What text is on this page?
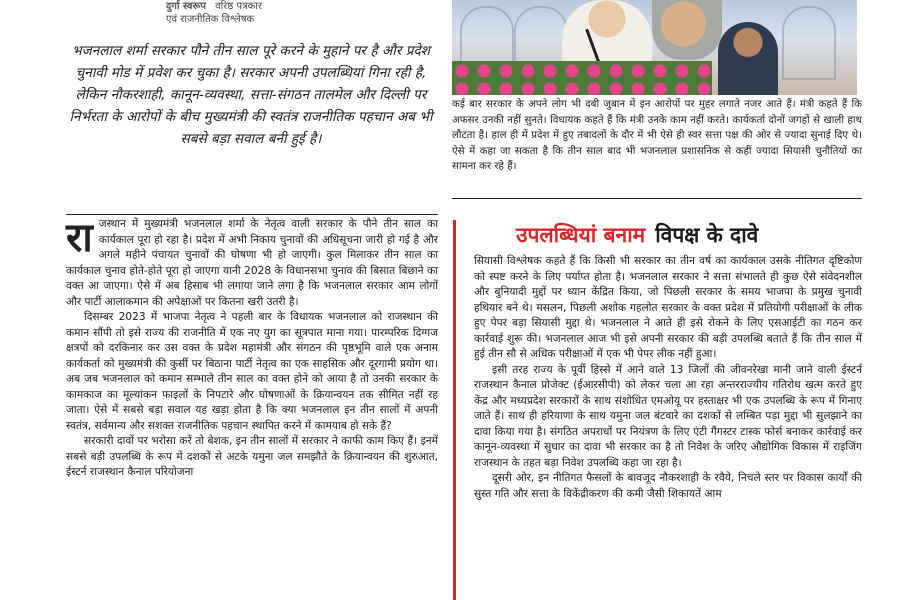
दुर्गा स्वरूप वरिष्ठ पत्रकार
एवं राजनीतिक विश्लेषक

भजनलाल शर्मा सरकार पौने तीन साल पूरे करने के मुहाने पर है और प्रदेश चुनावी मोड में प्रवेश कर चुका है। सरकार अपनी उपलब्धियां गिना रही है, लेकिन नौकरशाही, कानून-व्यवस्था, सत्ता-संगठन तालमेल और दिल्ली पर निर्भरता के आरोपों के बीच मुख्यमंत्री की स्वतंत्र राजनीतिक पहचान अब भी सबसे बड़ा सवाल बनी हुई है।

राजस्थान में मुख्यमंत्री भजनलाल शर्मा के नेतृत्व वाली सरकार के पौने तीन साल का कार्यकाल पूरा हो रहा है। प्रदेश में अभी निकाय चुनावों की अधिसूचना जारी हो गई है और अगले महीने पंचायत चुनावों की घोषणा भी हो जाएगी। कुल मिलाकर तीन साल का कार्यकाल चुनाव होते-होते पूरा हो जाएगा यानी 2028 के विधानसभा चुनाव की बिसात बिछाने का वक्त आ जाएगा। ऐसे में अब हिसाब भी लगाया जाने लगा है कि भजनलाल सरकार आम लोगों और पार्टी आलाकमान की अपेक्षाओं पर कितना खरी उतरी है।

दिसम्बर 2023 में भाजपा नेतृत्व ने पहली बार के विधायक भजनलाल को राजस्थान की कमान सौंपी तो इसे राज्य की राजनीति में एक नए युग का सूत्रपात माना गया। पारम्परिक दिग्गज क्षत्रपों को दरकिनार कर उस वक्त के प्रदेश महामंत्री और संगठन की पृष्ठभूमि वाले एक अनाम कार्यकर्ता को मुख्यमंत्री की कुर्सी पर बिठाना पार्टी नेतृत्व का एक साहसिक और दूरगामी प्रयोग था। अब जब भजनलाल को कमान सम्भाले तीन साल का वक्त होने को आया है तो उनकी सरकार के कामकाज का मूल्यांकन फाइलों के निपटारे और घोषणाओं के क्रियान्वयन तक सीमित नहीं रह जाता। ऐसे में सबसे बड़ा सवाल यह खड़ा होता है कि क्या भजनलाल इन तीन सालों में अपनी स्वतंत्र, सर्वमान्य और सशक्त राजनीतिक पहचान स्थापित करने में कामयाब हो सके हैं?

सरकारी दावों पर भरोसा करें तो बेशक, इन तीन सालों में सरकार ने काफी काम किए हैं। इनमें सबसे बड़ी उपलब्धि के रूप में दशकों से अटके यमुना जल समझौते के क्रियान्वयन की शुरुआत, ईस्टर्न राजस्थान कैनाल परियोजना

कई बार सरकार के अपने लोग भी दबी जुबान में इन आरोपों पर मुहर लगाते नजर आते हैं। मंत्री कहते हैं कि अफसर उनकी नहीं सुनते। विधायक कहते हैं कि मंत्री उनके काम नहीं करते। कार्यकर्ता दोनों जगहों से खाली हाथ लौटता है। हाल ही में प्रदेश में हुए तबादलों के दौर में भी ऐसे ही स्वर सत्ता पक्ष की ओर से ज्यादा सुनाई दिए थे। ऐसे में कहा जा सकता है कि तीन साल बाद भी भजनलाल प्रशासनिक से कहीं ज्यादा सियासी चुनौतियों का सामना कर रहे हैं।

उपलब्धियां बनाम विपक्ष के दावे

सियासी विश्लेषक कहते हैं कि किसी भी सरकार का तीन वर्ष का कार्यकाल उसके नीतिगत दृष्टिकोण को स्पष्ट करने के लिए पर्याप्त होता है। भजनलाल सरकार ने सत्ता संभालते ही कुछ ऐसे संवेदनशील और बुनियादी मुद्दों पर ध्यान केंद्रित किया, जो पिछली सरकार के समय भाजपा के प्रमुख चुनावी हथियार बने थे। मसलन, पिछली अशोक गहलोत सरकार के वक्त प्रदेश में प्रतियोगी परीक्षाओं के लीक हुए पेपर बड़ा सियासी मुद्दा थे। भजनलाल ने आते ही इसे रोकने के लिए एसआईटी का गठन कर कार्रवाई शुरू की। भजनलाल आज भी इसे अपनी सरकार की बड़ी उपलब्धि बताते हैं कि तीन साल में हुई तीन सौ से अधिक परीक्षाओं में एक भी पेपर लीक नहीं हुआ।

इसी तरह राज्य के पूर्वी हिस्से में आने वाले 13 जिलों की जीवनरेखा मानी जाने वाली ईस्टर्न राजस्थान कैनाल प्रोजेक्ट (ईआरसीपी) को लेकर चला आ रहा अन्तरराज्यीय गतिरोध खत्म करते हुए केंद्र और मध्यप्रदेश सरकारों के साथ संशोधित एमओयू पर हस्ताक्षर भी एक उपलब्धि के रूप में गिनाए जाते हैं। साथ ही हरियाणा के साथ यमुना जल बंटवारे का दशकों से लम्बित पड़ा मुद्दा भी सुलझाने का दावा किया गया है। संगठित अपराधों पर नियंत्रण के लिए एंटी गैंगस्टर टास्क फोर्स बनाकर कार्रवाई कर कानून-व्यवस्था में सुधार का दावा भी सरकार का है तो निवेश के जरिए औद्योगिक विकास में राइजिंग राजस्थान के तहत बड़ा निवेश उपलब्धि कहा जा रहा है।

दूसरी ओर, इन नीतिगत फैसलों के बावजूद नौकरशाही के रवैये, निचले स्तर पर विकास कार्यों की सुस्त गति और सत्ता के विकेंद्रीकरण की कमी जैसी शिकायतें आम
